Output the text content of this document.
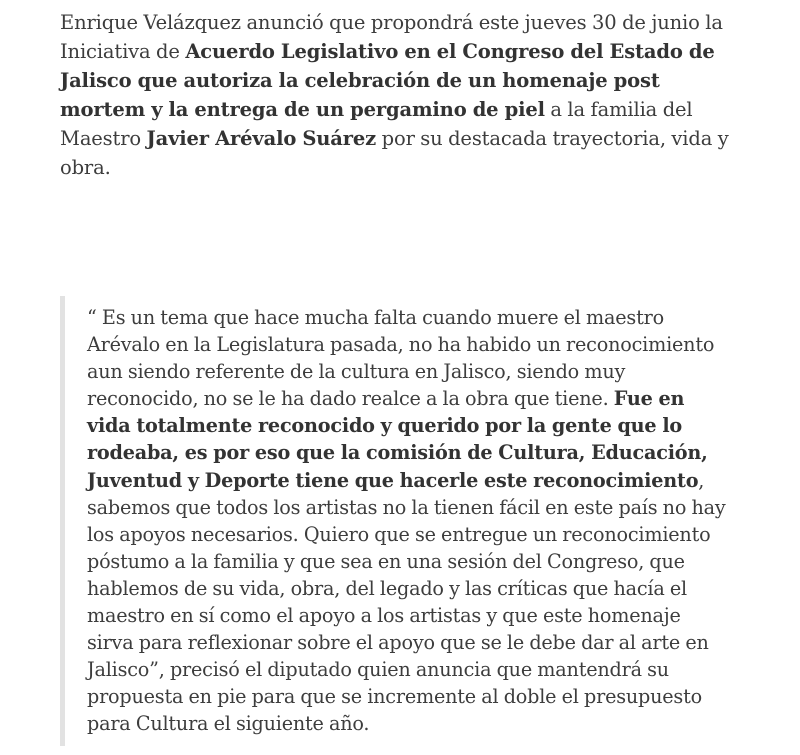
Enrique Velázquez anunció que propondrá este jueves 30 de junio la Iniciativa de Acuerdo Legislativo en el Congreso del Estado de Jalisco que autoriza la celebración de un homenaje post mortem y la entrega de un pergamino de piel a la familia del Maestro Javier Arévalo Suárez por su destacada trayectoria, vida y obra.

“ Es un tema que hace mucha falta cuando muere el maestro Arévalo en la Legislatura pasada, no ha habido un reconocimiento aun siendo referente de la cultura en Jalisco, siendo muy reconocido, no se le ha dado realce a la obra que tiene. Fue en vida totalmente reconocido y querido por la gente que lo rodeaba, es por eso que la comisión de Cultura, Educación, Juventud y Deporte tiene que hacerle este reconocimiento, sabemos que todos los artistas no la tienen fácil en este país no hay los apoyos necesarios. Quiero que se entregue un reconocimiento póstumo a la familia y que sea en una sesión del Congreso, que hablemos de su vida, obra, del legado y las críticas que hacía el maestro en sí como el apoyo a los artistas y que este homenaje sirva para reflexionar sobre el apoyo que se le debe dar al arte en Jalisco”, precisó el diputado quien anuncia que mantendrá su propuesta en pie para que se incremente al doble el presupuesto para Cultura el siguiente año.
